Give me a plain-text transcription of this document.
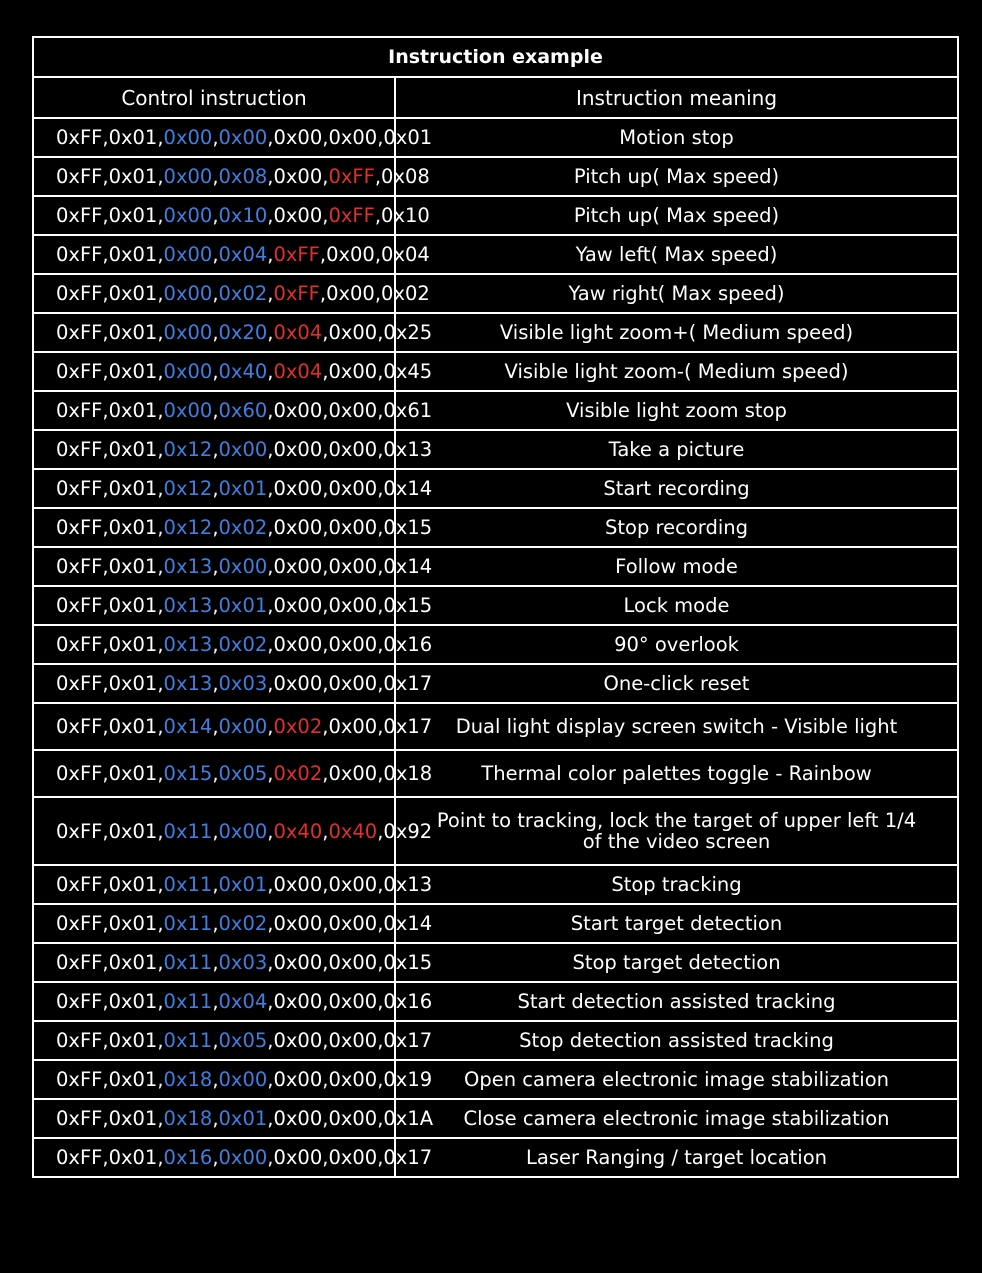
Instruction example	
Control instruction	Instruction meaning
0xFF,0x01,0x00,0x00,0x00,0x00,0x01	Motion stop
0xFF,0x01,0x00,0x08,0x00,0xFF,0x08	Pitch up( Max speed)
0xFF,0x01,0x00,0x10,0x00,0xFF,0x10	Pitch up( Max speed)
0xFF,0x01,0x00,0x04,0xFF,0x00,0x04	Yaw left( Max speed)
0xFF,0x01,0x00,0x02,0xFF,0x00,0x02	Yaw right( Max speed)
0xFF,0x01,0x00,0x20,0x04,0x00,0x25	Visible light zoom+( Medium speed)
0xFF,0x01,0x00,0x40,0x04,0x00,0x45	Visible light zoom-( Medium speed)
0xFF,0x01,0x00,0x60,0x00,0x00,0x61	Visible light zoom stop
0xFF,0x01,0x12,0x00,0x00,0x00,0x13	Take a picture
0xFF,0x01,0x12,0x01,0x00,0x00,0x14	Start recording
0xFF,0x01,0x12,0x02,0x00,0x00,0x15	Stop recording
0xFF,0x01,0x13,0x00,0x00,0x00,0x14	Follow mode
0xFF,0x01,0x13,0x01,0x00,0x00,0x15	Lock mode
0xFF,0x01,0x13,0x02,0x00,0x00,0x16	90° overlook
0xFF,0x01,0x13,0x03,0x00,0x00,0x17	One-click reset
0xFF,0x01,0x14,0x00,0x02,0x00,0x17	Dual light display screen switch - Visible light
0xFF,0x01,0x15,0x05,0x02,0x00,0x18	Thermal color palettes toggle - Rainbow
0xFF,0x01,0x11,0x00,0x40,0x40,0x92	Point to tracking, lock the target of upper left 1/4 of the video screen
0xFF,0x01,0x11,0x01,0x00,0x00,0x13	Stop tracking
0xFF,0x01,0x11,0x02,0x00,0x00,0x14	Start target detection
0xFF,0x01,0x11,0x03,0x00,0x00,0x15	Stop target detection
0xFF,0x01,0x11,0x04,0x00,0x00,0x16	Start detection assisted tracking
0xFF,0x01,0x11,0x05,0x00,0x00,0x17	Stop detection assisted tracking
0xFF,0x01,0x18,0x00,0x00,0x00,0x19	Open camera electronic image stabilization
0xFF,0x01,0x18,0x01,0x00,0x00,0x1A	Close camera electronic image stabilization
0xFF,0x01,0x16,0x00,0x00,0x00,0x17	Laser Ranging / target location
